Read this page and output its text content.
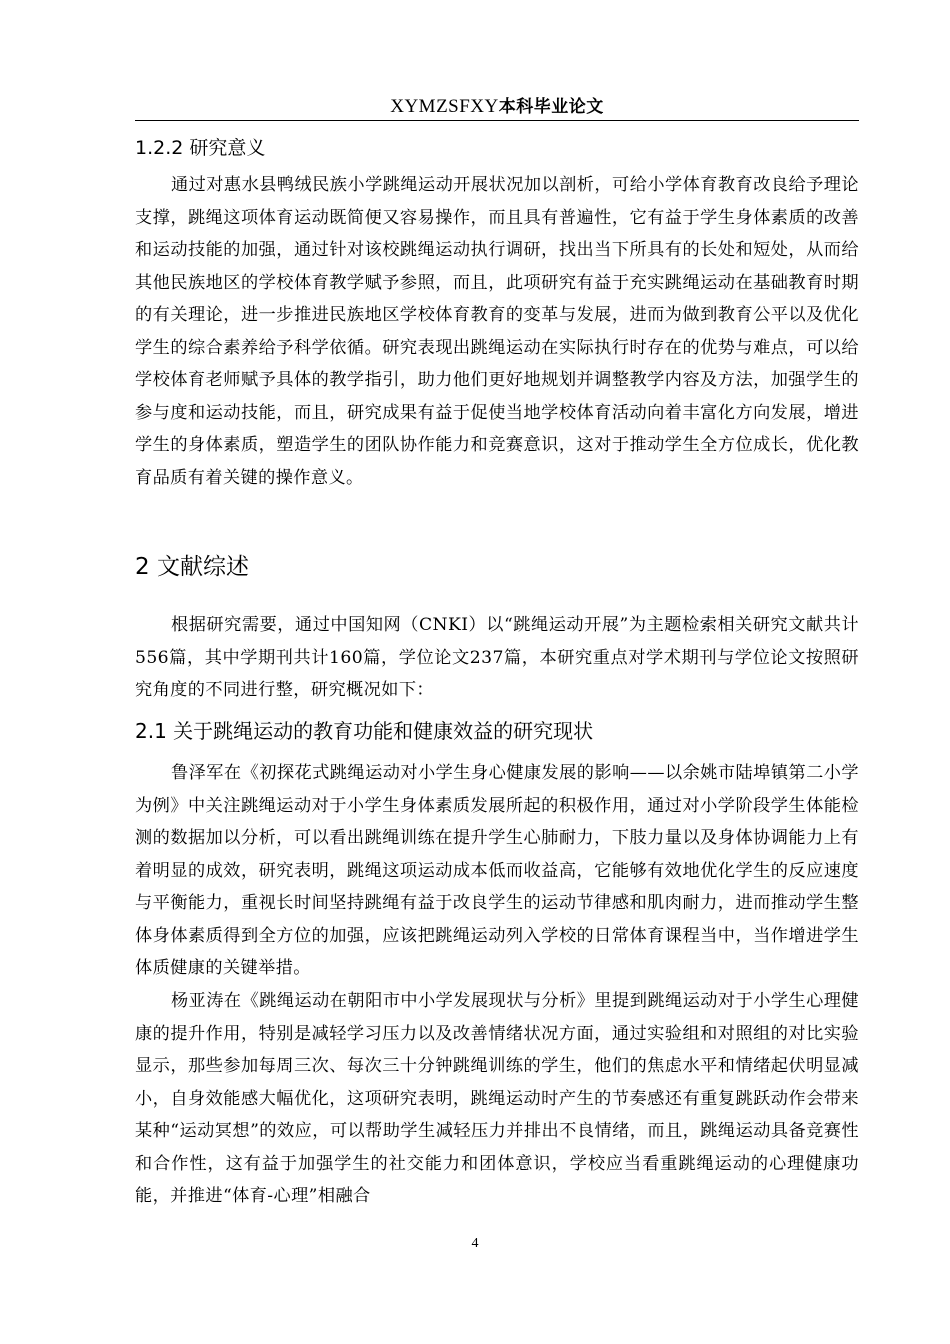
XYMZSFXY本科毕业论文
1.2.2 研究意义

通过对惠水县鸭绒民族小学跳绳运动开展状况加以剖析，可给小学体育教育改良给予理论支撑，跳绳这项体育运动既简便又容易操作，而且具有普遍性，它有益于学生身体素质的改善和运动技能的加强，通过针对该校跳绳运动执行调研，找出当下所具有的长处和短处，从而给其他民族地区的学校体育教学赋予参照，而且，此项研究有益于充实跳绳运动在基础教育时期的有关理论，进一步推进民族地区学校体育教育的变革与发展，进而为做到教育公平以及优化学生的综合素养给予科学依循。研究表现出跳绳运动在实际执行时存在的优势与难点，可以给学校体育老师赋予具体的教学指引，助力他们更好地规划并调整教学内容及方法，加强学生的参与度和运动技能，而且，研究成果有益于促使当地学校体育活动向着丰富化方向发展，增进学生的身体素质，塑造学生的团队协作能力和竞赛意识，这对于推动学生全方位成长，优化教育品质有着关键的操作意义。

2 文献综述

根据研究需要，通过中国知网（CNKI）以“跳绳运动开展”为主题检索相关研究文献共计556篇，其中学期刊共计160篇，学位论文237篇，本研究重点对学术期刊与学位论文按照研究角度的不同进行整，研究概况如下：

2.1 关于跳绳运动的教育功能和健康效益的研究现状

鲁泽军在《初探花式跳绳运动对小学生身心健康发展的影响——以余姚市陆埠镇第二小学为例》中关注跳绳运动对于小学生身体素质发展所起的积极作用，通过对小学阶段学生体能检测的数据加以分析，可以看出跳绳训练在提升学生心肺耐力，下肢力量以及身体协调能力上有着明显的成效，研究表明，跳绳这项运动成本低而收益高，它能够有效地优化学生的反应速度与平衡能力，重视长时间坚持跳绳有益于改良学生的运动节律感和肌肉耐力，进而推动学生整体身体素质得到全方位的加强，应该把跳绳运动列入学校的日常体育课程当中，当作增进学生体质健康的关键举措。

杨亚涛在《跳绳运动在朝阳市中小学发展现状与分析》里提到跳绳运动对于小学生心理健康的提升作用，特别是减轻学习压力以及改善情绪状况方面，通过实验组和对照组的对比实验显示，那些参加每周三次、每次三十分钟跳绳训练的学生，他们的焦虑水平和情绪起伏明显减小，自身效能感大幅优化，这项研究表明，跳绳运动时产生的节奏感还有重复跳跃动作会带来某种“运动冥想”的效应，可以帮助学生减轻压力并排出不良情绪，而且，跳绳运动具备竞赛性和合作性，这有益于加强学生的社交能力和团体意识，学校应当看重跳绳运动的心理健康功能，并推进“体育-心理”相融合

4
